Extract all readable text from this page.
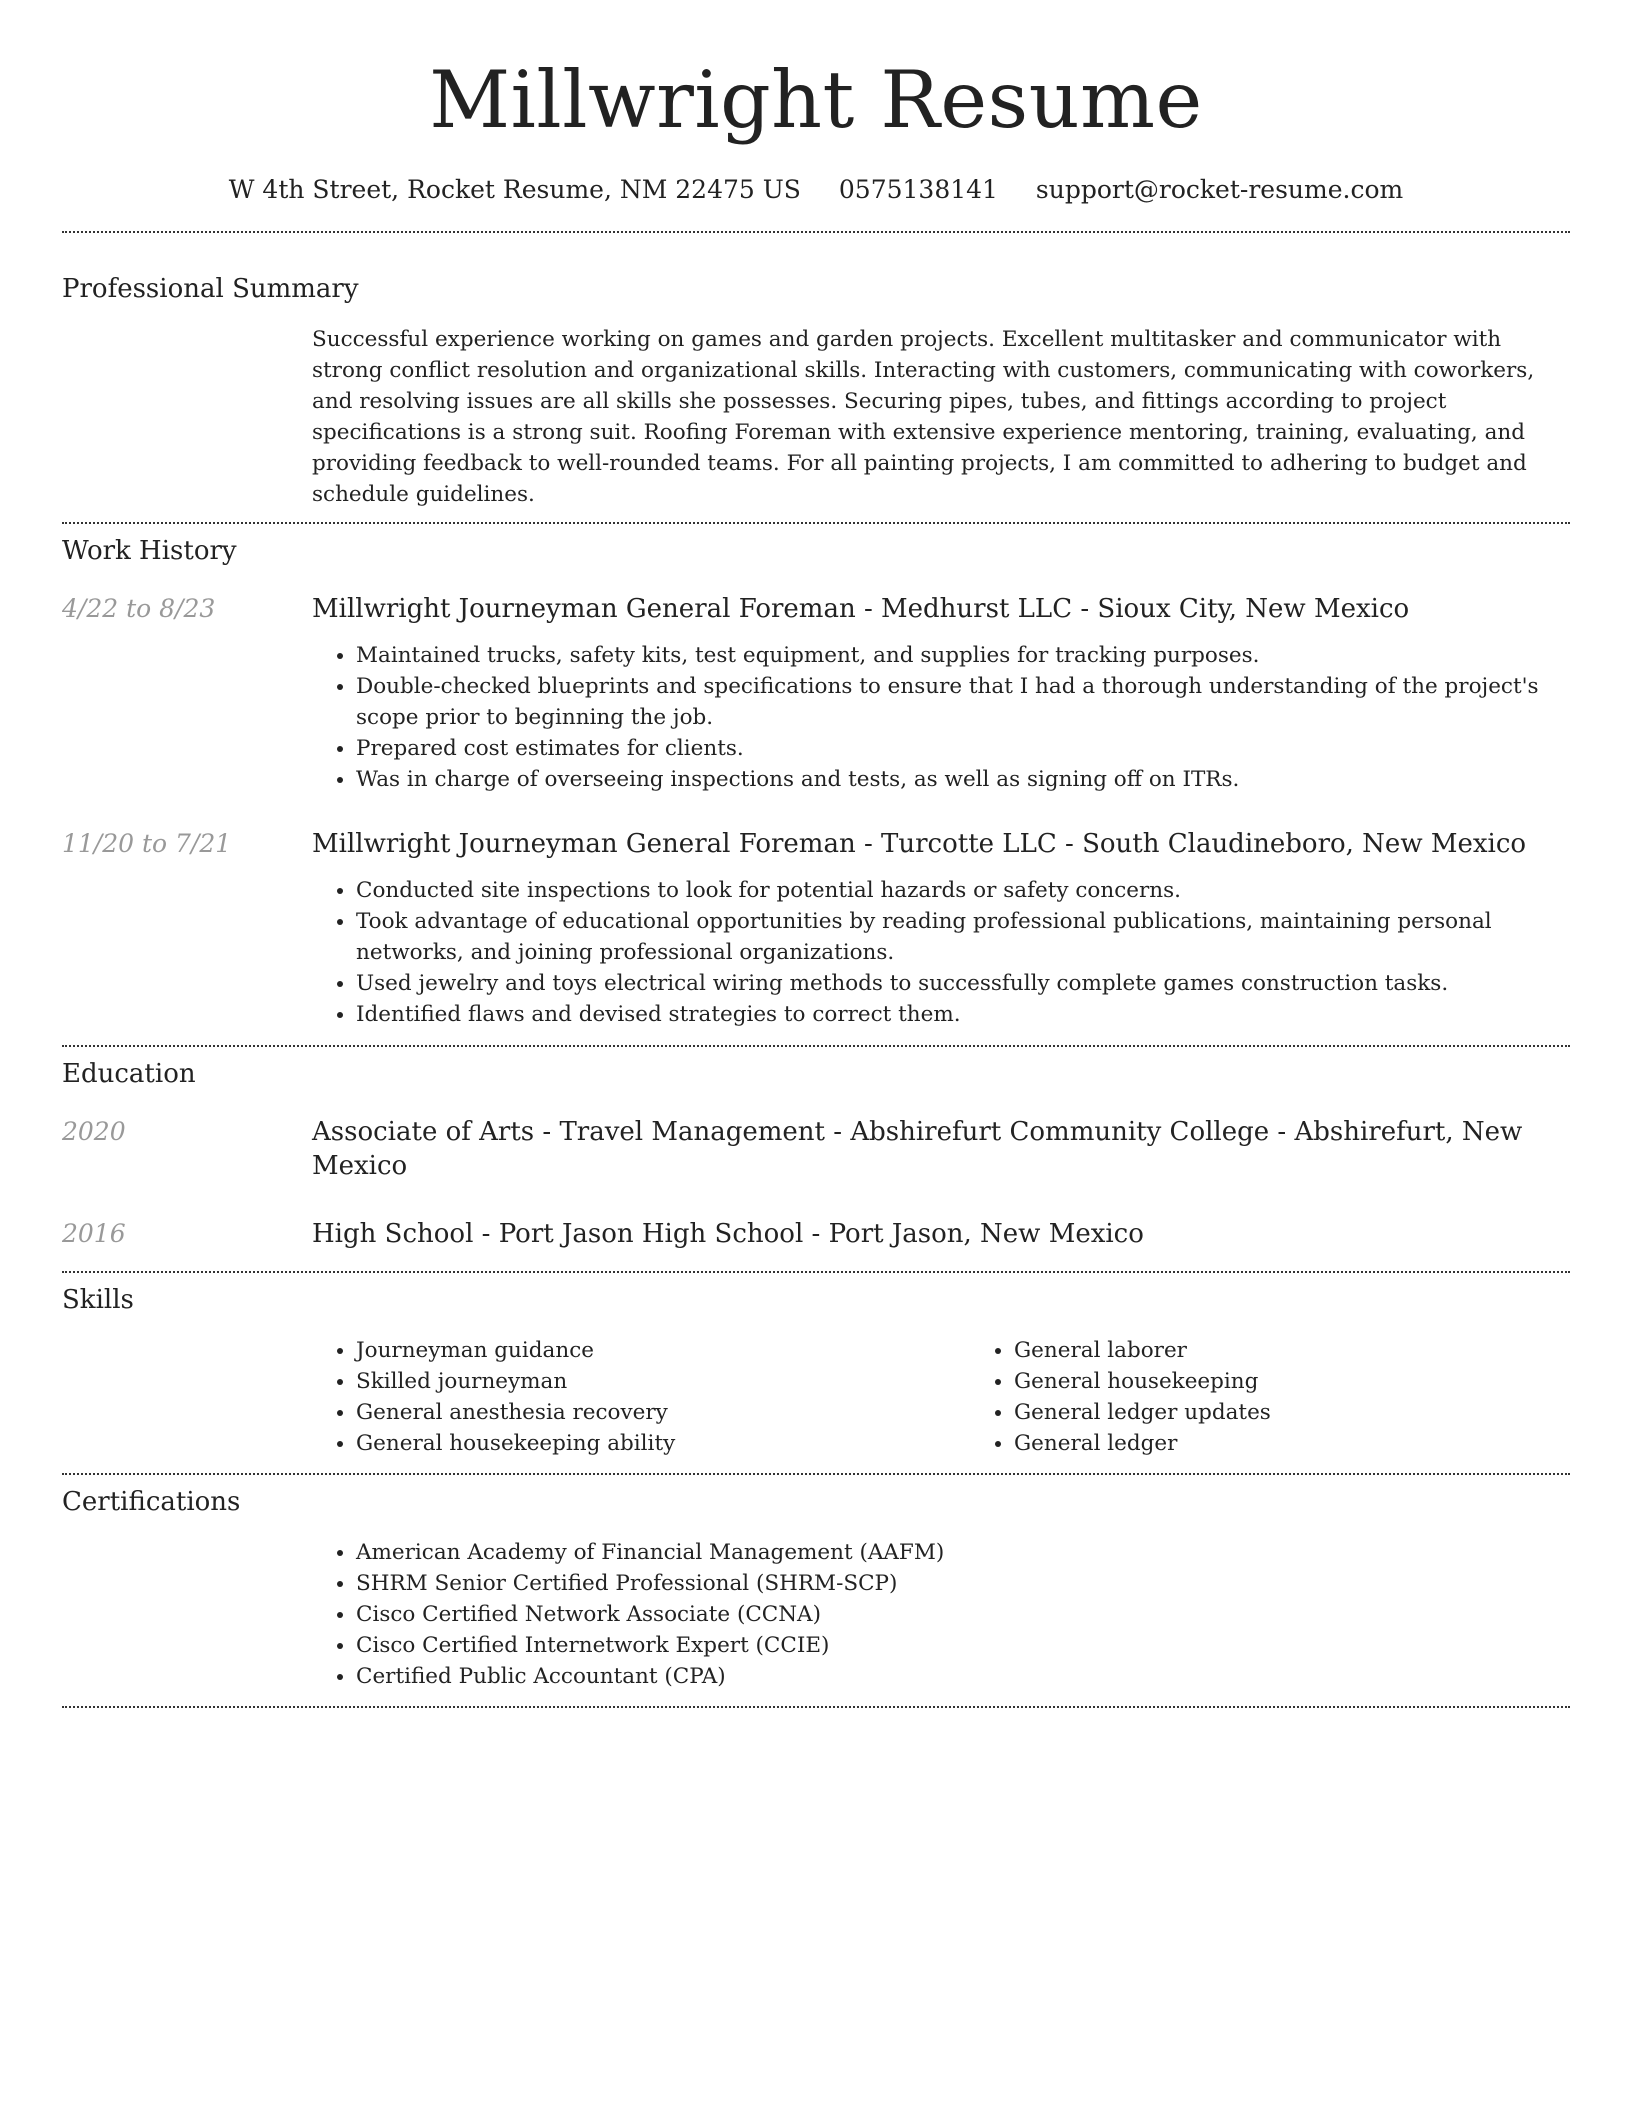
Millwright Resume
W 4th Street, Rocket Resume, NM 22475 US 0575138141 support@rocket-resume.com
Professional Summary

Successful experience working on games and garden projects. Excellent multitasker and communicator with strong conflict resolution and organizational skills. Interacting with customers, communicating with coworkers, and resolving issues are all skills she possesses. Securing pipes, tubes, and fittings according to project specifications is a strong suit. Roofing Foreman with extensive experience mentoring, training, evaluating, and providing feedback to well-rounded teams. For all painting projects, I am committed to adhering to budget and schedule guidelines.

Work History
4/22 to 8/23	Millwright Journeyman General Foreman - Medhurst LLC - Sioux City, New Mexico
• Maintained trucks, safety kits, test equipment, and supplies for tracking purposes.
• Double-checked blueprints and specifications to ensure that I had a thorough understanding of the project's scope prior to beginning the job.
• Prepared cost estimates for clients.
• Was in charge of overseeing inspections and tests, as well as signing off on ITRs.
11/20 to 7/21	Millwright Journeyman General Foreman - Turcotte LLC - South Claudineboro, New Mexico
• Conducted site inspections to look for potential hazards or safety concerns.
• Took advantage of educational opportunities by reading professional publications, maintaining personal networks, and joining professional organizations.
• Used jewelry and toys electrical wiring methods to successfully complete games construction tasks.
• Identified flaws and devised strategies to correct them.
Education
2020	Associate of Arts - Travel Management - Abshirefurt Community College - Abshirefurt, New Mexico
2016	High School - Port Jason High School - Port Jason, New Mexico
Skills
• Journeyman guidance
• Skilled journeyman
• General anesthesia recovery
• General housekeeping ability
• General laborer
• General housekeeping
• General ledger updates
• General ledger
Certifications
• American Academy of Financial Management (AAFM)
• SHRM Senior Certified Professional (SHRM-SCP)
• Cisco Certified Network Associate (CCNA)
• Cisco Certified Internetwork Expert (CCIE)
• Certified Public Accountant (CPA)
